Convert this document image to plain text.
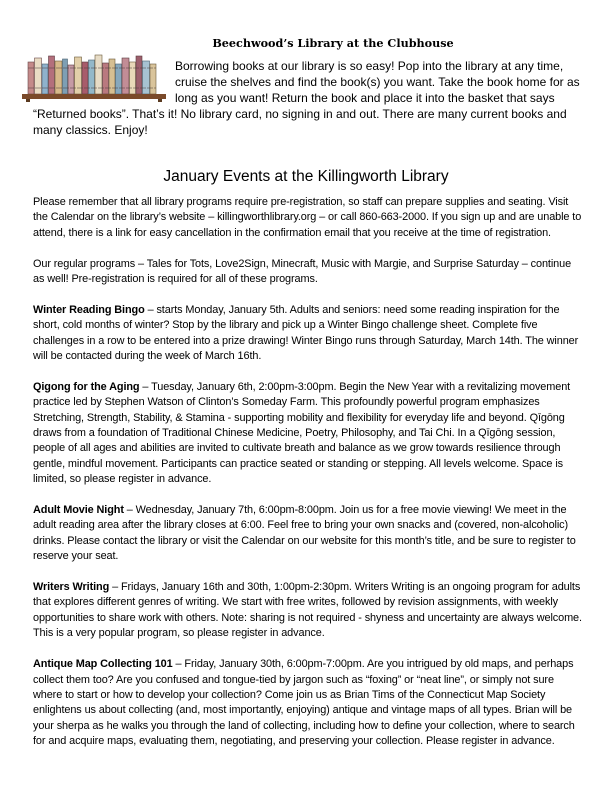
Beechwood’s Library at the Clubhouse

Borrowing books at our library is so easy! Pop into the library at any time, cruise the shelves and find the book(s) you want. Take the book home for as long as you want! Return the book and place it into the basket that says “Returned books”. That’s it! No library card, no signing in and out. There are many current books and many classics. Enjoy!

January Events at the Killingworth Library

Please remember that all library programs require pre-registration, so staff can prepare supplies and seating. Visit the Calendar on the library’s website – killingworthlibrary.org – or call 860-663-2000. If you sign up and are unable to attend, there is a link for easy cancellation in the confirmation email that you receive at the time of registration.

Our regular programs – Tales for Tots, Love2Sign, Minecraft, Music with Margie, and Surprise Saturday – continue as well! Pre-registration is required for all of these programs.

Winter Reading Bingo – starts Monday, January 5th. Adults and seniors: need some reading inspiration for the short, cold months of winter? Stop by the library and pick up a Winter Bingo challenge sheet. Complete five challenges in a row to be entered into a prize drawing! Winter Bingo runs through Saturday, March 14th. The winner will be contacted during the week of March 16th.

Qigong for the Aging – Tuesday, January 6th, 2:00pm-3:00pm. Begin the New Year with a revitalizing movement practice led by Stephen Watson of Clinton’s Someday Farm. This profoundly powerful program emphasizes Stretching, Strength, Stability, & Stamina - supporting mobility and flexibility for everyday life and beyond. Qīgōng draws from a foundation of Traditional Chinese Medicine, Poetry, Philosophy, and Tai Chi. In a Qīgōng session, people of all ages and abilities are invited to cultivate breath and balance as we grow towards resilience through gentle, mindful movement. Participants can practice seated or standing or stepping. All levels welcome. Space is limited, so please register in advance.

Adult Movie Night – Wednesday, January 7th, 6:00pm-8:00pm. Join us for a free movie viewing! We meet in the adult reading area after the library closes at 6:00. Feel free to bring your own snacks and (covered, non-alcoholic) drinks. Please contact the library or visit the Calendar on our website for this month’s title, and be sure to register to reserve your seat.

Writers Writing – Fridays, January 16th and 30th, 1:00pm-2:30pm. Writers Writing is an ongoing program for adults that explores different genres of writing. We start with free writes, followed by revision assignments, with weekly opportunities to share work with others. Note: sharing is not required - shyness and uncertainty are always welcome. This is a very popular program, so please register in advance.

Antique Map Collecting 101 – Friday, January 30th, 6:00pm-7:00pm. Are you intrigued by old maps, and perhaps collect them too? Are you confused and tongue-tied by jargon such as “foxing” or “neat line”, or simply not sure where to start or how to develop your collection? Come join us as Brian Tims of the Connecticut Map Society enlightens us about collecting (and, most importantly, enjoying) antique and vintage maps of all types. Brian will be your sherpa as he walks you through the land of collecting, including how to define your collection, where to search for and acquire maps, evaluating them, negotiating, and preserving your collection. Please register in advance.
